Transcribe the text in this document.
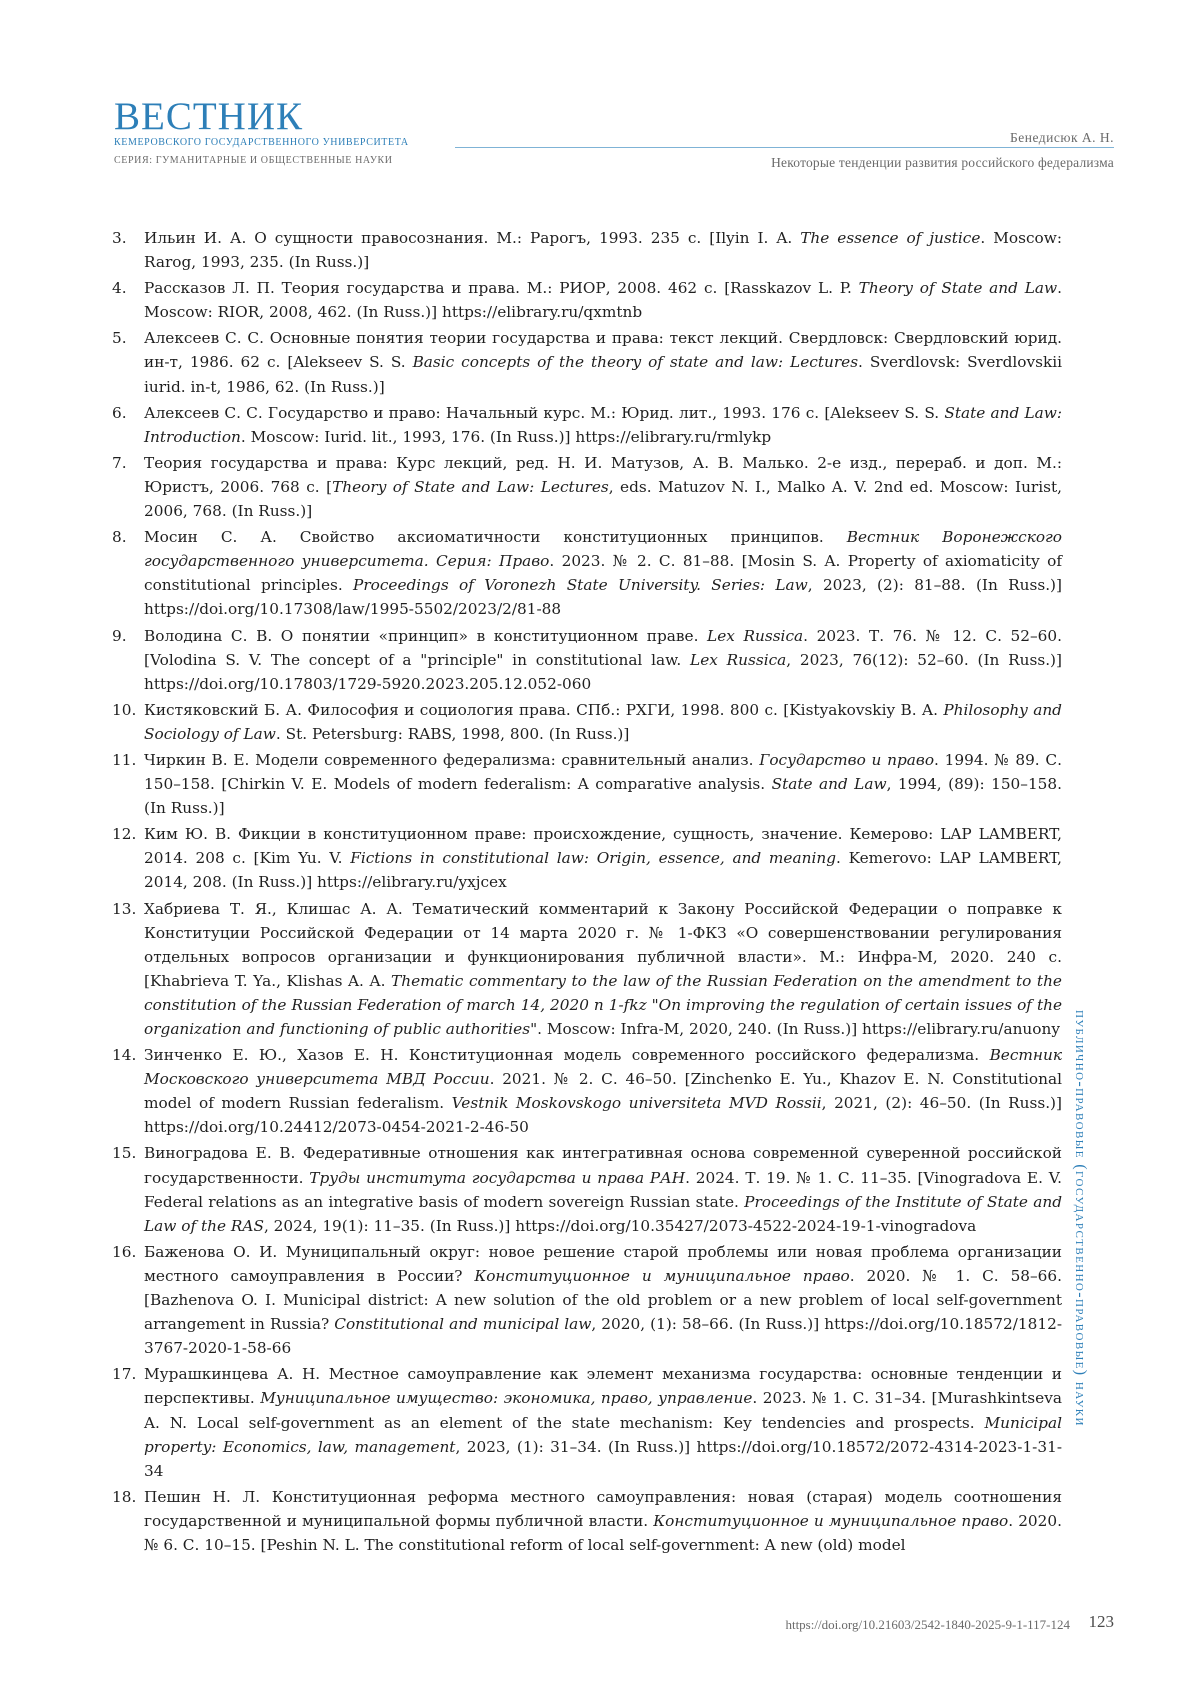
ВЕСТНИК
КЕМЕРОВСКОГО ГОСУДАРСТВЕННОГО УНИВЕРСИТЕТА
СЕРИЯ: ГУМАНИТАРНЫЕ И ОБЩЕСТВЕННЫЕ НАУКИ
Бенедисюк А. Н.
Некоторые тенденции развития российского федерализма
3. Ильин И. А. О сущности правосознания. М.: Рарогъ, 1993. 235 с. [Ilyin I. A. The essence of justice. Moscow: Rarog, 1993, 235. (In Russ.)]
4. Рассказов Л. П. Теория государства и права. М.: РИОР, 2008. 462 с. [Rasskazov L. P. Theory of State and Law. Moscow: RIOR, 2008, 462. (In Russ.)] https://elibrary.ru/qxmtnb
5. Алексеев С. С. Основные понятия теории государства и права: текст лекций. Свердловск: Свердловский юрид. ин-т, 1986. 62 с. [Alekseev S. S. Basic concepts of the theory of state and law: Lectures. Sverdlovsk: Sverdlovskii iurid. in-t, 1986, 62. (In Russ.)]
6. Алексеев С. С. Государство и право: Начальный курс. М.: Юрид. лит., 1993. 176 с. [Alekseev S. S. State and Law: Introduction. Moscow: Iurid. lit., 1993, 176. (In Russ.)] https://elibrary.ru/rmlykp
7. Теория государства и права: Курс лекций, ред. Н. И. Матузов, А. В. Малько. 2-е изд., перераб. и доп. М.: Юристъ, 2006. 768 с. [Theory of State and Law: Lectures, eds. Matuzov N. I., Malko A. V. 2nd ed. Moscow: Iurist, 2006, 768. (In Russ.)]
8. Мосин С. А. Свойство аксиоматичности конституционных принципов. Вестник Воронежского государственного университета. Серия: Право. 2023. № 2. С. 81–88. [Mosin S. A. Property of axiomaticity of constitutional principles. Proceedings of Voronezh State University. Series: Law, 2023, (2): 81–88. (In Russ.)] https://doi.org/10.17308/law/1995-5502/2023/2/81-88
9. Володина С. В. О понятии «принцип» в конституционном праве. Lex Russica. 2023. Т. 76. № 12. С. 52–60. [Volodina S. V. The concept of a "principle" in constitutional law. Lex Russica, 2023, 76(12): 52–60. (In Russ.)] https://doi.org/10.17803/1729-5920.2023.205.12.052-060
10. Кистяковский Б. А. Философия и социология права. СПб.: РХГИ, 1998. 800 с. [Kistyakovskiy B. A. Philosophy and Sociology of Law. St. Petersburg: RABS, 1998, 800. (In Russ.)]
11. Чиркин В. Е. Модели современного федерализма: сравнительный анализ. Государство и право. 1994. № 89. С. 150–158. [Chirkin V. E. Models of modern federalism: A comparative analysis. State and Law, 1994, (89): 150–158. (In Russ.)]
12. Ким Ю. В. Фикции в конституционном праве: происхождение, сущность, значение. Кемерово: LAP LAMBERT, 2014. 208 с. [Kim Yu. V. Fictions in constitutional law: Origin, essence, and meaning. Kemerovo: LAP LAMBERT, 2014, 208. (In Russ.)] https://elibrary.ru/yxjcex
13. Хабриева Т. Я., Клишас А. А. Тематический комментарий к Закону Российской Федерации о поправке к Конституции Российской Федерации от 14 марта 2020 г. № 1-ФКЗ «О совершенствовании регулирования отдельных вопросов организации и функционирования публичной власти». М.: Инфра-М, 2020. 240 с. [Khabrieva T. Ya., Klishas A. A. Thematic commentary to the law of the Russian Federation on the amendment to the constitution of the Russian Federation of march 14, 2020 n 1-fkz "On improving the regulation of certain issues of the organization and functioning of public authorities". Moscow: Infra-M, 2020, 240. (In Russ.)] https://elibrary.ru/anuony
14. Зинченко Е. Ю., Хазов Е. Н. Конституционная модель современного российского федерализма. Вестник Московского университета МВД России. 2021. № 2. С. 46–50. [Zinchenko E. Yu., Khazov E. N. Constitutional model of modern Russian federalism. Vestnik Moskovskogo universiteta MVD Rossii, 2021, (2): 46–50. (In Russ.)] https://doi.org/10.24412/2073-0454-2021-2-46-50
15. Виноградова Е. В. Федеративные отношения как интегративная основа современной суверенной российской государственности. Труды института государства и права РАН. 2024. Т. 19. № 1. С. 11–35. [Vinogradova E. V. Federal relations as an integrative basis of modern sovereign Russian state. Proceedings of the Institute of State and Law of the RAS, 2024, 19(1): 11–35. (In Russ.)] https://doi.org/10.35427/2073-4522-2024-19-1-vinogradova
16. Баженова О. И. Муниципальный округ: новое решение старой проблемы или новая проблема организации местного самоуправления в России? Конституционное и муниципальное право. 2020. № 1. С. 58–66. [Bazhenova O. I. Municipal district: A new solution of the old problem or a new problem of local self-government arrangement in Russia? Constitutional and municipal law, 2020, (1): 58–66. (In Russ.)] https://doi.org/10.18572/1812-3767-2020-1-58-66
17. Мурашкинцева А. Н. Местное самоуправление как элемент механизма государства: основные тенденции и перспективы. Муниципальное имущество: экономика, право, управление. 2023. № 1. С. 31–34. [Murashkintseva A. N. Local self-government as an element of the state mechanism: Key tendencies and prospects. Municipal property: Economics, law, management, 2023, (1): 31–34. (In Russ.)] https://doi.org/10.18572/2072-4314-2023-1-31-34
18. Пешин Н. Л. Конституционная реформа местного самоуправления: новая (старая) модель соотношения государственной и муниципальной формы публичной власти. Конституционное и муниципальное право. 2020. № 6. С. 10–15. [Peshin N. L. The constitutional reform of local self-government: A new (old) model
публично-правовые (государственно-правовые) науки
https://doi.org/10.21603/2542-1840-2025-9-1-117-124 123
